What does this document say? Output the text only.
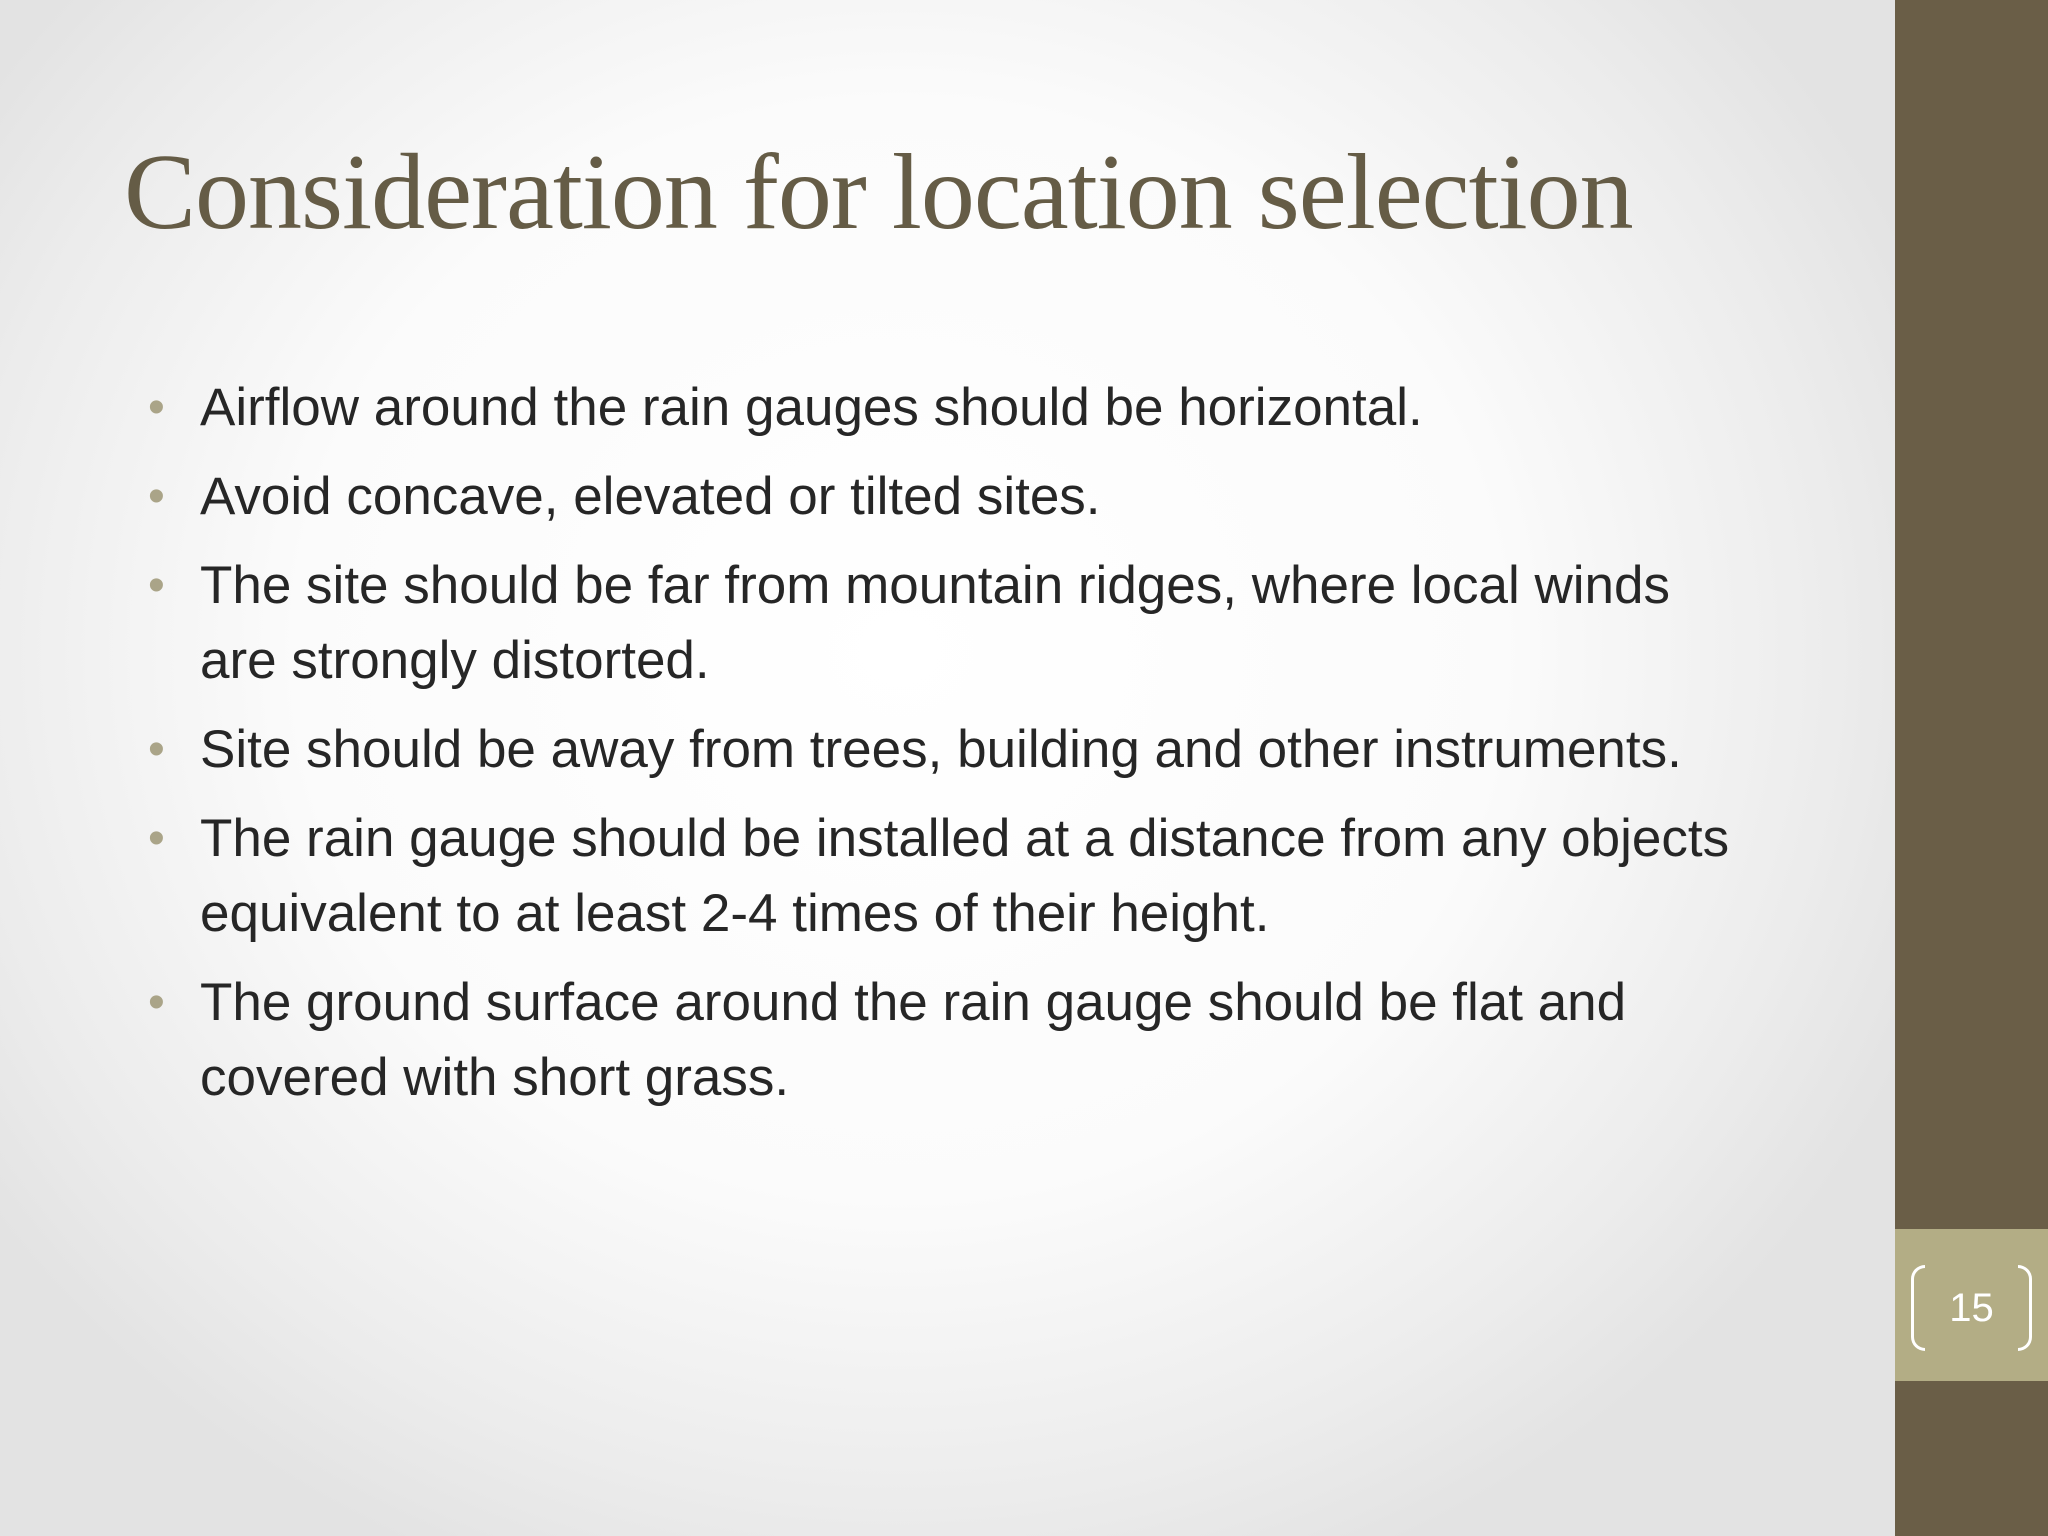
Consideration for location selection
• Airflow around the rain gauges should be horizontal.
• Avoid concave, elevated or tilted sites.
• The site should be far from mountain ridges, where local winds are strongly distorted.
• Site should be away from trees, building and other instruments.
• The rain gauge should be installed at a distance from any objects equivalent to at least 2-4 times of their height.
• The ground surface around the rain gauge should be flat and covered with short grass.
15
